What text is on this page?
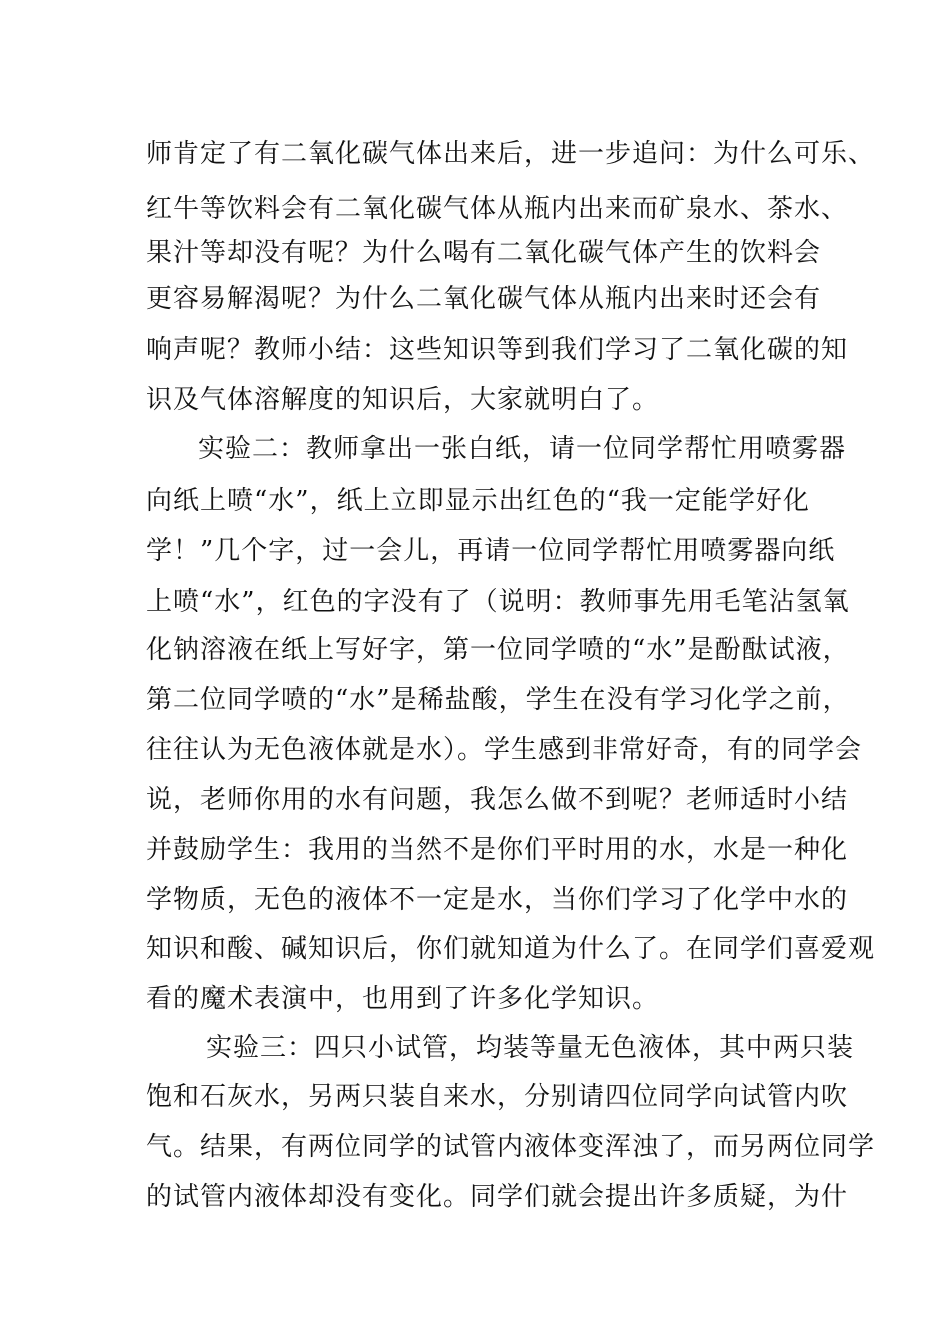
师肯定了有二氧化碳气体出来后，进一步追问：为什么可乐、
红牛等饮料会有二氧化碳气体从瓶内出来而矿泉水、茶水、
果汁等却没有呢？为什么喝有二氧化碳气体产生的饮料会
更容易解渴呢？为什么二氧化碳气体从瓶内出来时还会有
响声呢？教师小结：这些知识等到我们学习了二氧化碳的知
识及气体溶解度的知识后，大家就明白了。
实验二：教师拿出一张白纸，请一位同学帮忙用喷雾器
向纸上喷“水”，纸上立即显示出红色的“我一定能学好化
学！”几个字，过一会儿，再请一位同学帮忙用喷雾器向纸
上喷“水”，红色的字没有了（说明：教师事先用毛笔沾氢氧
化钠溶液在纸上写好字，第一位同学喷的“水”是酚酞试液，
第二位同学喷的“水”是稀盐酸，学生在没有学习化学之前，
往往认为无色液体就是水）。学生感到非常好奇，有的同学会
说，老师你用的水有问题，我怎么做不到呢？老师适时小结
并鼓励学生：我用的当然不是你们平时用的水，水是一种化
学物质，无色的液体不一定是水，当你们学习了化学中水的
知识和酸、碱知识后，你们就知道为什么了。在同学们喜爱观
看的魔术表演中，也用到了许多化学知识。
实验三：四只小试管，均装等量无色液体，其中两只装
饱和石灰水，另两只装自来水，分别请四位同学向试管内吹
气。结果，有两位同学的试管内液体变浑浊了，而另两位同学
的试管内液体却没有变化。同学们就会提出许多质疑，为什
